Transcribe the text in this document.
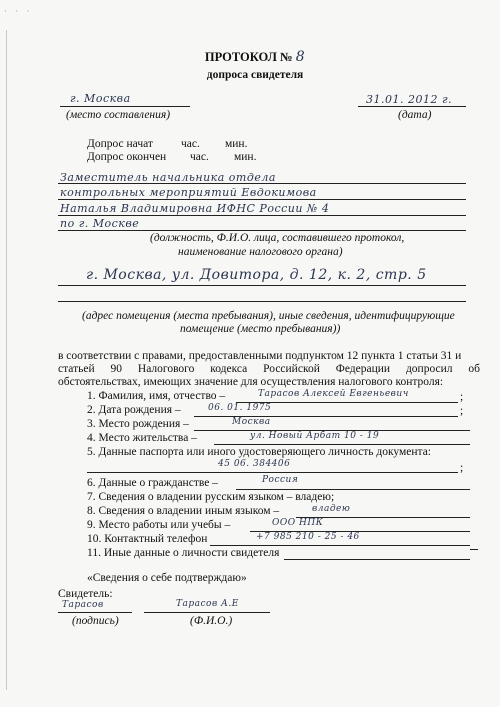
· · ·
ПРОТОКОЛ № 8
допроса свидетеля
г. Москва
(место составления)
31.01. 2012 г.
(дата)
Допрос начат час. мин.
Допрос окончен час. мин.
Заместитель начальника отдела
контрольных мероприятий Евдокимова
Наталья Владимировна ИФНС России № 4
по г. Москве
(должность, Ф.И.О. лица, составившего протокол,
наименование налогового органа)
г. Москва, ул. Довитора, д. 12, к. 2, стр. 5
(адрес помещения (места пребывания), иные сведения, идентифицирующие
помещение (место пребывания))
в соответствии с правами, предоставленными подпунктом 12 пункта 1 статьи 31 и
статьей 90 Налогового кодекса Российской Федерации допросил об
обстоятельствах, имеющих значение для осуществления налогового контроля:
1. Фамилия, имя, отчество –	Тарасов Алексей Евгеньевич	;
2. Дата рождения –	06. 01. 1975	;
3. Место рождения –	Москва
4. Место жительства –	ул. Новый Арбат 10 - 19
5. Данные паспорта или иного удостоверяющего личность документа:
45 06. 384406	;
6. Данные о гражданстве –	Россия
7. Сведения о владении русским языком – владею;
8. Сведения о владении иным языком –	владею
9. Место работы или учебы –	ООО НПК
10. Контактный телефон	+7 985 210 - 25 - 46
11. Иные данные о личности свидетеля
«Сведения о себе подтверждаю»
Свидетель:
Тарасов	Тарасов А.Е
(подпись)	(Ф.И.О.)
